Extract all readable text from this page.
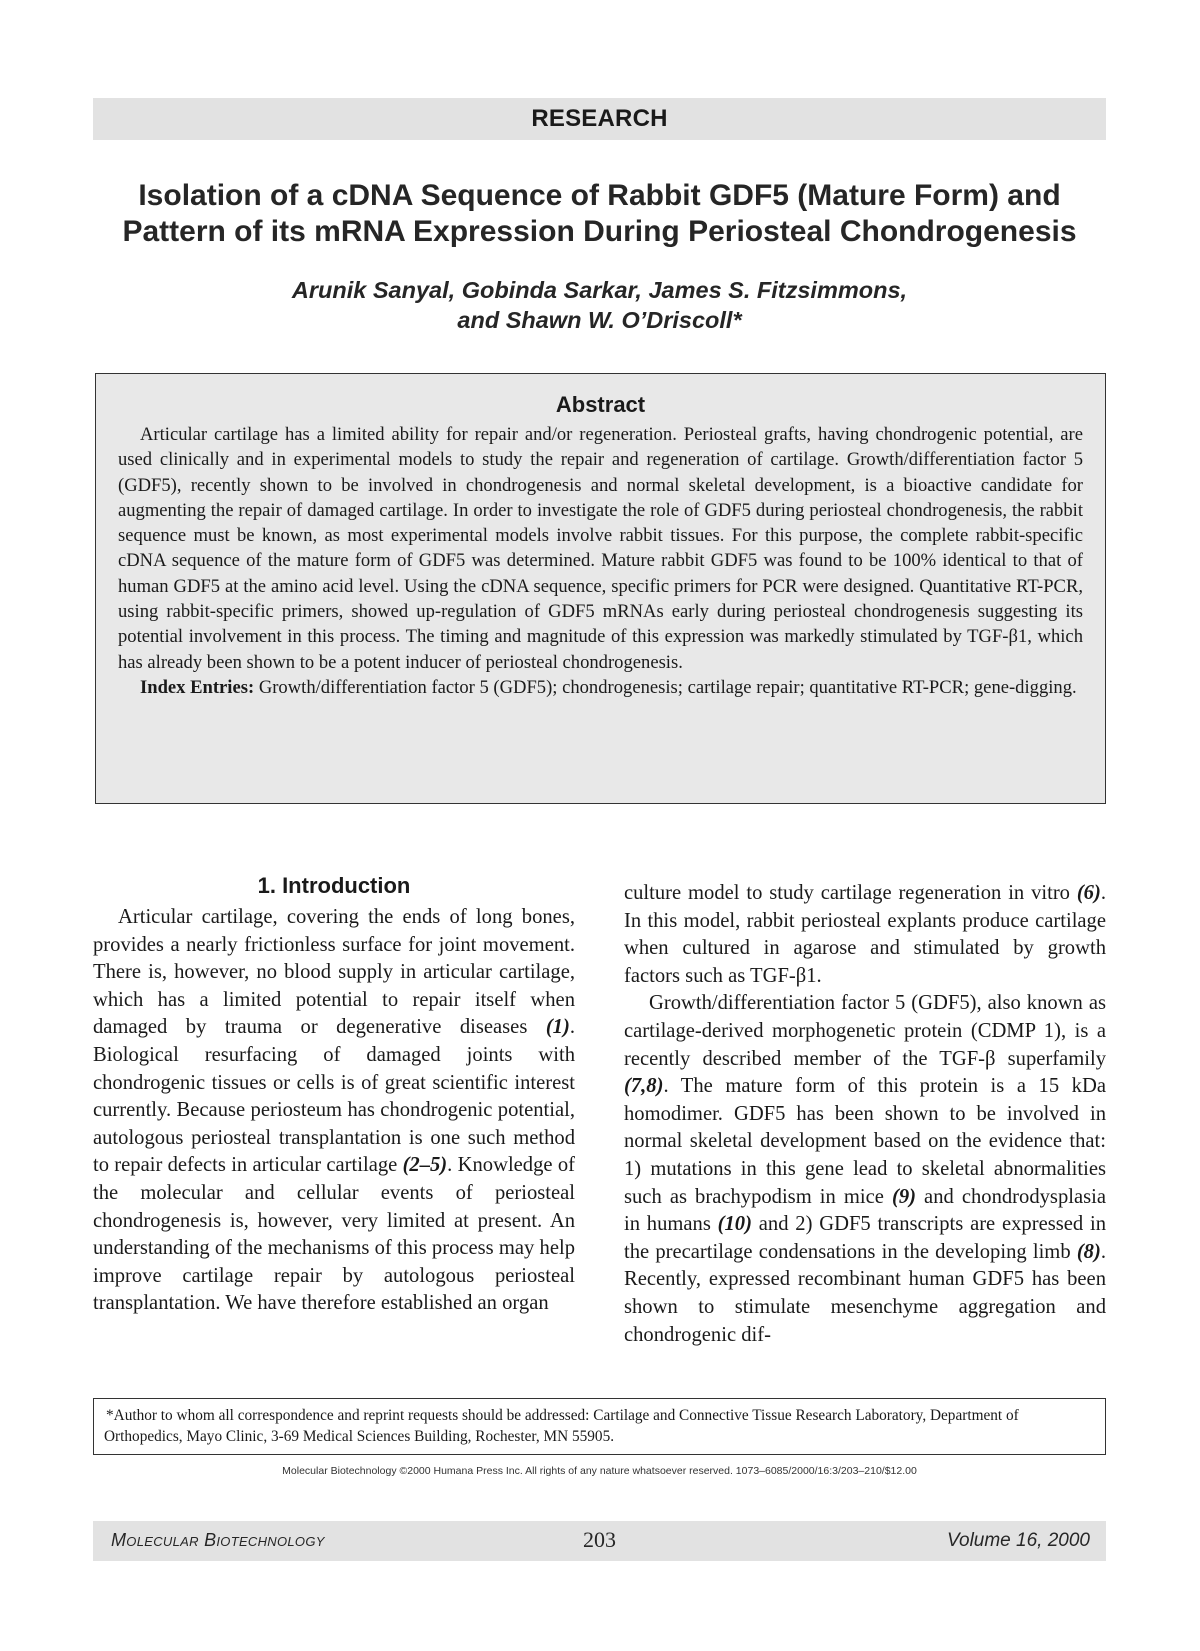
RESEARCH
Isolation of a cDNA Sequence of Rabbit GDF5 (Mature Form) and
Pattern of its mRNA Expression During Periosteal Chondrogenesis
Arunik Sanyal, Gobinda Sarkar, James S. Fitzsimmons,
and Shawn W. O’Driscoll*
Abstract

Articular cartilage has a limited ability for repair and/or regeneration. Periosteal grafts, having chondrogenic potential, are used clinically and in experimental models to study the repair and regeneration of cartilage. Growth/differentiation factor 5 (GDF5), recently shown to be involved in chondrogenesis and normal skeletal development, is a bioactive candidate for augmenting the repair of damaged cartilage. In order to investigate the role of GDF5 during periosteal chondrogenesis, the rabbit sequence must be known, as most experimental models involve rabbit tissues. For this purpose, the complete rabbit-specific cDNA sequence of the mature form of GDF5 was determined. Mature rabbit GDF5 was found to be 100% identical to that of human GDF5 at the amino acid level. Using the cDNA sequence, specific primers for PCR were designed. Quantitative RT-PCR, using rabbit-specific primers, showed up-regulation of GDF5 mRNAs early during periosteal chondrogenesis suggesting its potential involvement in this process. The timing and magnitude of this expression was markedly stimulated by TGF-β1, which has already been shown to be a potent inducer of periosteal chondrogenesis.

Index Entries: Growth/differentiation factor 5 (GDF5); chondrogenesis; cartilage repair; quantitative RT-PCR; gene-digging.

1. Introduction

Articular cartilage, covering the ends of long bones, provides a nearly frictionless surface for joint movement. There is, however, no blood supply in articular cartilage, which has a limited potential to repair itself when damaged by trauma or degenerative diseases (1). Biological resurfacing of damaged joints with chondrogenic tissues or cells is of great scientific interest currently. Because periosteum has chondrogenic potential, autologous periosteal transplantation is one such method to repair defects in articular cartilage (2–5). Knowledge of the molecular and cellular events of periosteal chondrogenesis is, however, very limited at present. An understanding of the mechanisms of this process may help improve cartilage repair by autologous periosteal transplantation. We have therefore established an organ

culture model to study cartilage regeneration in vitro (6). In this model, rabbit periosteal explants produce cartilage when cultured in agarose and stimulated by growth factors such as TGF-β1.

Growth/differentiation factor 5 (GDF5), also known as cartilage-derived morphogenetic protein (CDMP 1), is a recently described member of the TGF-β superfamily (7,8). The mature form of this protein is a 15 kDa homodimer. GDF5 has been shown to be involved in normal skeletal development based on the evidence that: 1) mutations in this gene lead to skeletal abnormalities such as brachypodism in mice (9) and chondrodysplasia in humans (10) and 2) GDF5 transcripts are expressed in the precartilage condensations in the developing limb (8). Recently, expressed recombinant human GDF5 has been shown to stimulate mesenchyme aggregation and chondrogenic dif-

*Author to whom all correspondence and reprint requests should be addressed: Cartilage and Connective Tissue Research Laboratory, Department of Orthopedics, Mayo Clinic, 3-69 Medical Sciences Building, Rochester, MN 55905.

Molecular Biotechnology ©2000 Humana Press Inc. All rights of any nature whatsoever reserved. 1073–6085/2000/16:3/203–210/$12.00
Molecular Biotechnology	203	Volume 16, 2000
